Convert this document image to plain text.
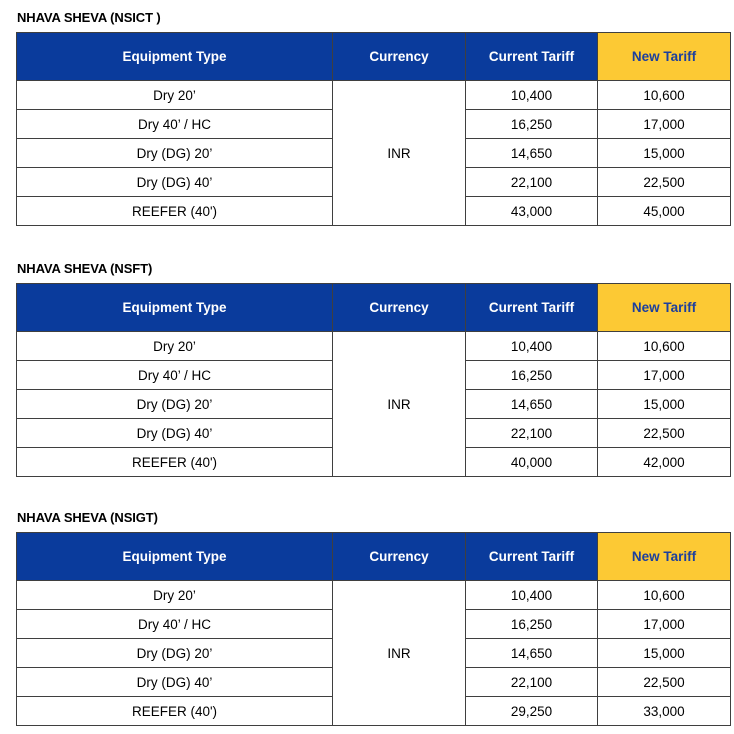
NHAVA SHEVA (NSICT )
Equipment Type	Currency	Current Tariff	New Tariff
Dry 20’	INR	10,400	10,600
Dry 40’ / HC		16,250	17,000
Dry (DG) 20’		14,650	15,000
Dry (DG) 40’		22,100	22,500
REEFER (40')		43,000	45,000
NHAVA SHEVA (NSFT)
Equipment Type	Currency	Current Tariff	New Tariff
Dry 20’	INR	10,400	10,600
Dry 40’ / HC		16,250	17,000
Dry (DG) 20’		14,650	15,000
Dry (DG) 40’		22,100	22,500
REEFER (40')		40,000	42,000
NHAVA SHEVA (NSIGT)
Equipment Type	Currency	Current Tariff	New Tariff
Dry 20’	INR	10,400	10,600
Dry 40’ / HC		16,250	17,000
Dry (DG) 20’		14,650	15,000
Dry (DG) 40’		22,100	22,500
REEFER (40')		29,250	33,000
